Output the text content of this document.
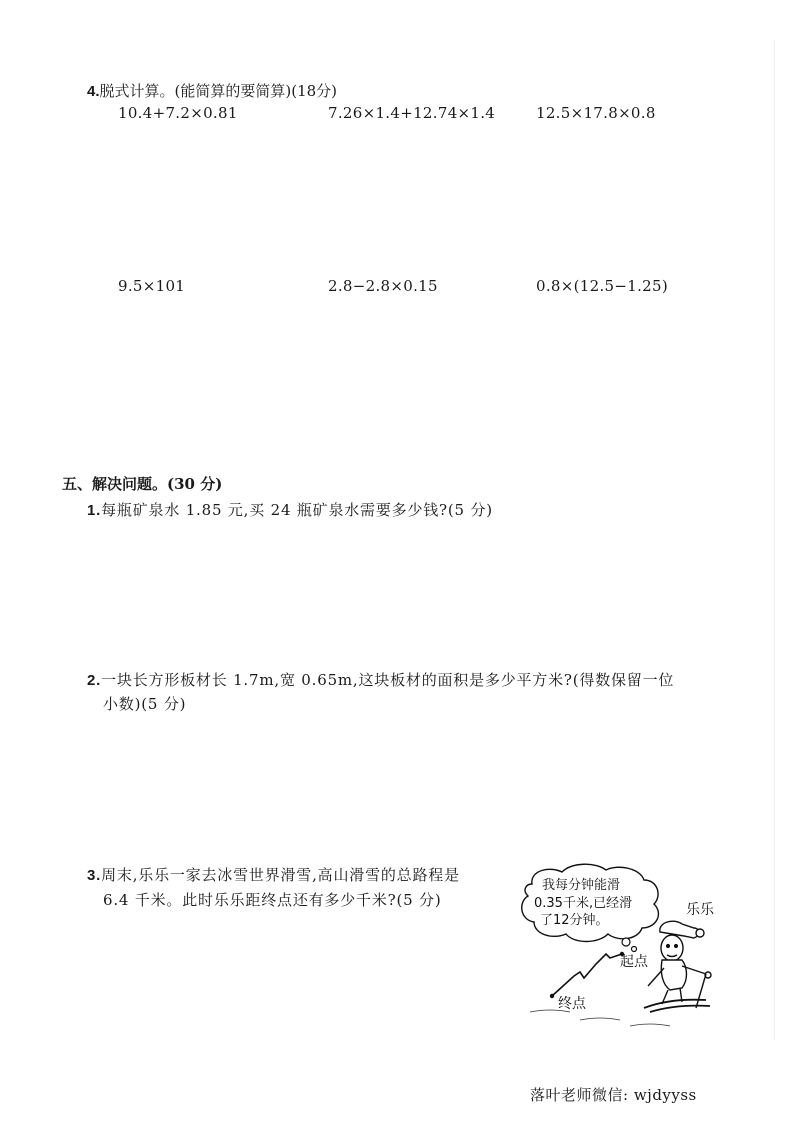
4.脱式计算。(能简算的要简算)(18分)
10.4+7.2×0.81	7.26×1.4+12.74×1.4	12.5×17.8×0.8
9.5×101	2.8−2.8×0.15	0.8×(12.5−1.25)
五、解决问题。(30 分)
1.每瓶矿泉水 1.85 元,买 24 瓶矿泉水需要多少钱?(5 分)
2.一块长方形板材长 1.7m,宽 0.65m,这块板材的面积是多少平方米?(得数保留一位
小数)(5 分)
3.周末,乐乐一家去冰雪世界滑雪,高山滑雪的总路程是
6.4 千米。此时乐乐距终点还有多少千米?(5 分)
我每分钟能滑
0.35千米,已经滑
了12分钟。
乐乐
起点
终点
落叶老师微信: wjdyyss
